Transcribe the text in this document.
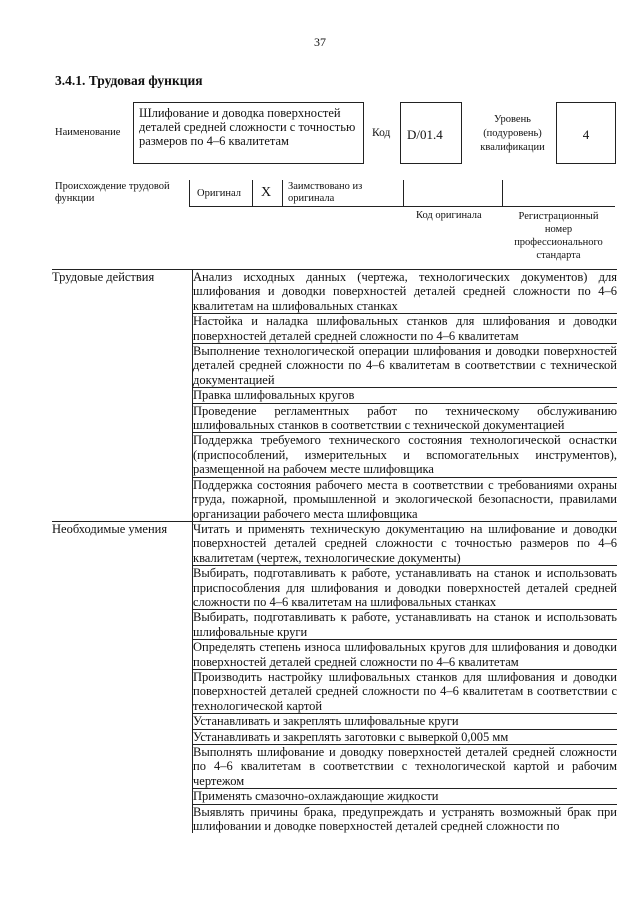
37
3.4.1. Трудовая функция
Наименование
Шлифование и доводка поверхностей деталей средней сложности с точностью размеров по 4–6 квалитетам
Код D/01.4
Уровень (подуровень) квалификации
4
Происхождение трудовой функции	Оригинал X Заимствовано из оригинала
Код оригинала	Регистрационный номер профессионального стандарта
Трудовые действия	Анализ исходных данных (чертежа, технологических документов) для шлифования и доводки поверхностей деталей средней сложности по 4–6 квалитетам на шлифовальных станках
	Настойка и наладка шлифовальных станков для шлифования и доводки поверхностей деталей средней сложности по 4–6 квалитетам
	Выполнение технологической операции шлифования и доводки поверхностей деталей средней сложности по 4–6 квалитетам в соответствии с технической документацией
	Правка шлифовальных кругов
	Проведение регламентных работ по техническому обслуживанию шлифовальных станков в соответствии с технической документацией
	Поддержка требуемого технического состояния технологической оснастки (приспособлений, измерительных и вспомогательных инструментов), размещенной на рабочем месте шлифовщика
	Поддержка состояния рабочего места в соответствии с требованиями охраны труда, пожарной, промышленной и экологической безопасности, правилами организации рабочего места шлифовщика
Необходимые умения	Читать и применять техническую документацию на шлифование и доводки поверхностей деталей средней сложности с точностью размеров по 4–6 квалитетам (чертеж, технологические документы)
	Выбирать, подготавливать к работе, устанавливать на станок и использовать приспособления для шлифования и доводки поверхностей деталей средней сложности по 4–6 квалитетам на шлифовальных станках
	Выбирать, подготавливать к работе, устанавливать на станок и использовать шлифовальные круги
	Определять степень износа шлифовальных кругов для шлифования и доводки поверхностей деталей средней сложности по 4–6 квалитетам
	Производить настройку шлифовальных станков для шлифования и доводки поверхностей деталей средней сложности по 4–6 квалитетам в соответствии с технологической картой
	Устанавливать и закреплять шлифовальные круги
	Устанавливать и закреплять заготовки с выверкой 0,005 мм
	Выполнять шлифование и доводку поверхностей деталей средней сложности по 4–6 квалитетам в соответствии с технологической картой и рабочим чертежом
	Применять смазочно-охлаждающие жидкости
	Выявлять причины брака, предупреждать и устранять возможный брак при шлифовании и доводке поверхностей деталей средней сложности по
